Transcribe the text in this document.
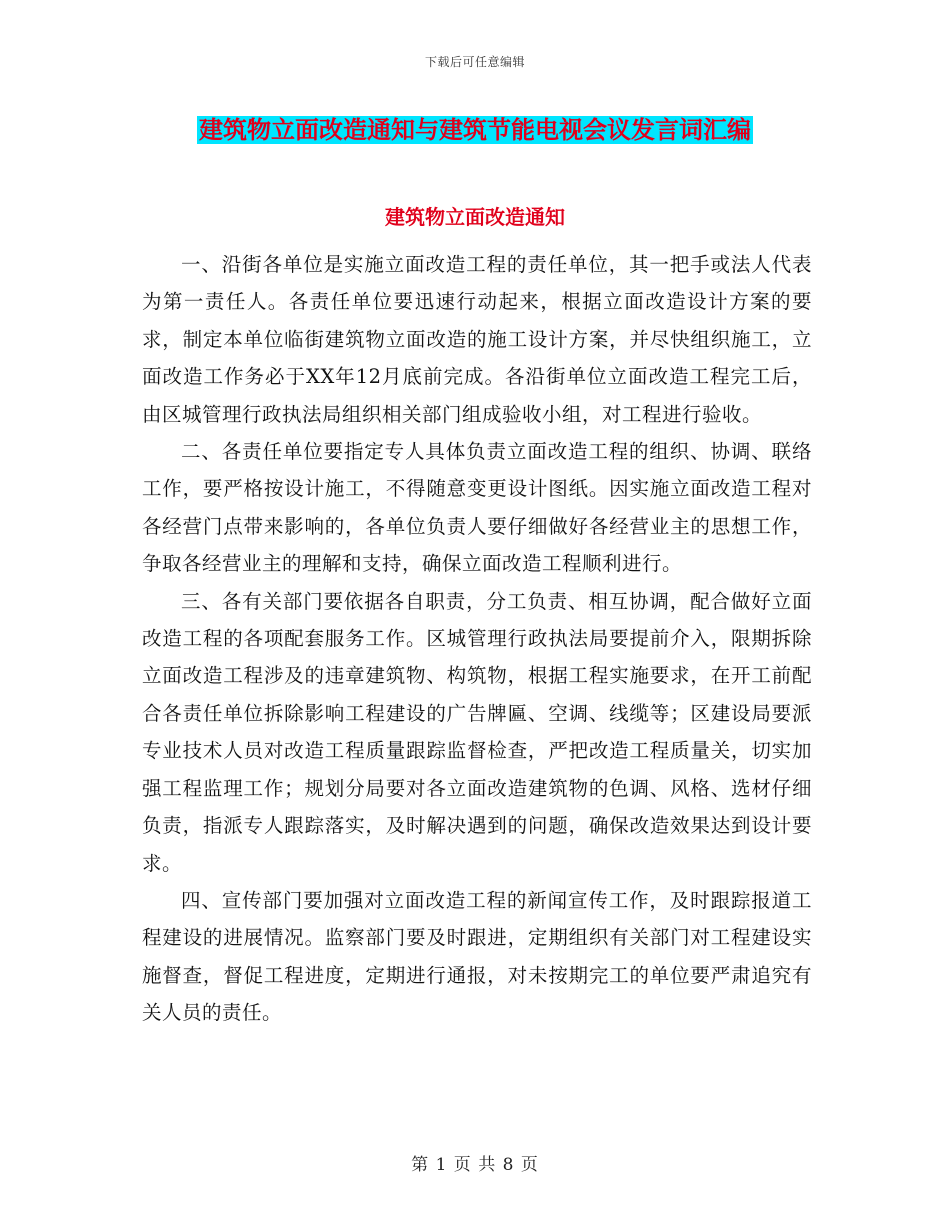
下载后可任意编辑
建筑物立面改造通知与建筑节能电视会议发言词汇编
建筑物立面改造通知

一、沿街各单位是实施立面改造工程的责任单位，其一把手或法人代表为第一责任人。各责任单位要迅速行动起来，根据立面改造设计方案的要求，制定本单位临街建筑物立面改造的施工设计方案，并尽快组织施工，立面改造工作务必于XX年12月底前完成。各沿街单位立面改造工程完工后，由区城管理行政执法局组织相关部门组成验收小组，对工程进行验收。

二、各责任单位要指定专人具体负责立面改造工程的组织、协调、联络工作，要严格按设计施工，不得随意变更设计图纸。因实施立面改造工程对各经营门点带来影响的，各单位负责人要仔细做好各经营业主的思想工作，争取各经营业主的理解和支持，确保立面改造工程顺利进行。

三、各有关部门要依据各自职责，分工负责、相互协调，配合做好立面改造工程的各项配套服务工作。区城管理行政执法局要提前介入，限期拆除立面改造工程涉及的违章建筑物、构筑物，根据工程实施要求，在开工前配合各责任单位拆除影响工程建设的广告牌匾、空调、线缆等；区建设局要派专业技术人员对改造工程质量跟踪监督检查，严把改造工程质量关，切实加强工程监理工作；规划分局要对各立面改造建筑物的色调、风格、选材仔细负责，指派专人跟踪落实，及时解决遇到的问题，确保改造效果达到设计要求。

四、宣传部门要加强对立面改造工程的新闻宣传工作，及时跟踪报道工程建设的进展情况。监察部门要及时跟进，定期组织有关部门对工程建设实施督查，督促工程进度，定期进行通报，对未按期完工的单位要严肃追究有关人员的责任。

第 1 页 共 8 页
